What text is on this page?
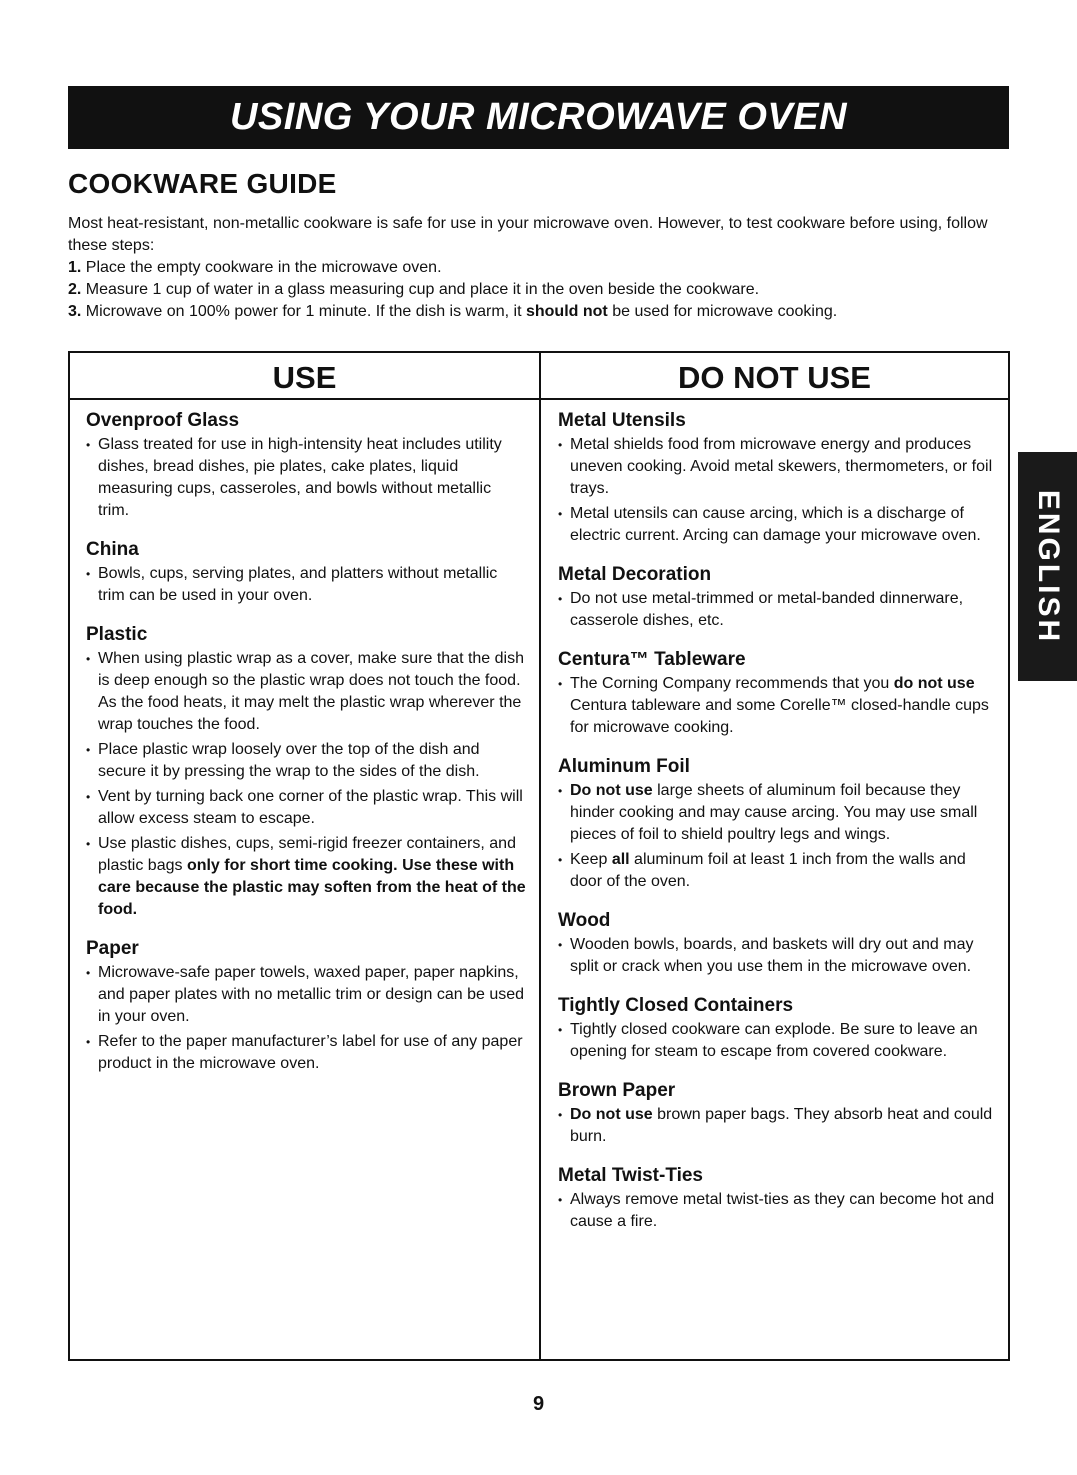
USING YOUR MICROWAVE OVEN
COOKWARE GUIDE

Most heat-resistant, non-metallic cookware is safe for use in your microwave oven. However, to test cookware before using, follow these steps:

1. Place the empty cookware in the microwave oven.

2. Measure 1 cup of water in a glass measuring cup and place it in the oven beside the cookware.

3. Microwave on 100% power for 1 minute. If the dish is warm, it should not be used for microwave cooking.

USE	DO NOT USE
Ovenproof Glass
• Glass treated for use in high-intensity heat includes utility dishes, bread dishes, pie plates, cake plates, liquid measuring cups, casseroles, and bowls without metallic trim.
China
• Bowls, cups, serving plates, and platters without metallic trim can be used in your oven.
Plastic
• When using plastic wrap as a cover, make sure that the dish is deep enough so the plastic wrap does not touch the food. As the food heats, it may melt the plastic wrap wherever the wrap touches the food.
• Place plastic wrap loosely over the top of the dish and secure it by pressing the wrap to the sides of the dish.
• Vent by turning back one corner of the plastic wrap. This will allow excess steam to escape.
• Use plastic dishes, cups, semi-rigid freezer containers, and plastic bags only for short time cooking. Use these with care because the plastic may soften from the heat of the food.
Paper
• Microwave-safe paper towels, waxed paper, paper napkins, and paper plates with no metallic trim or design can be used in your oven.
• Refer to the paper manufacturer’s label for use of any paper product in the microwave oven.
Metal Utensils
• Metal shields food from microwave energy and produces uneven cooking. Avoid metal skewers, thermometers, or foil trays.
• Metal utensils can cause arcing, which is a discharge of electric current. Arcing can damage your microwave oven.
Metal Decoration
• Do not use metal-trimmed or metal-banded dinnerware, casserole dishes, etc.
Centura™ Tableware
• The Corning Company recommends that you do not use Centura tableware and some Corelle™ closed-handle cups for microwave cooking.
Aluminum Foil
• Do not use large sheets of aluminum foil because they hinder cooking and may cause arcing. You may use small pieces of foil to shield poultry legs and wings.
• Keep all aluminum foil at least 1 inch from the walls and door of the oven.
Wood
• Wooden bowls, boards, and baskets will dry out and may split or crack when you use them in the microwave oven.
Tightly Closed Containers
• Tightly closed cookware can explode. Be sure to leave an opening for steam to escape from covered cookware.
Brown Paper
• Do not use brown paper bags. They absorb heat and could burn.
Metal Twist-Ties
• Always remove metal twist-ties as they can become hot and cause a fire.
ENGLISH
9
